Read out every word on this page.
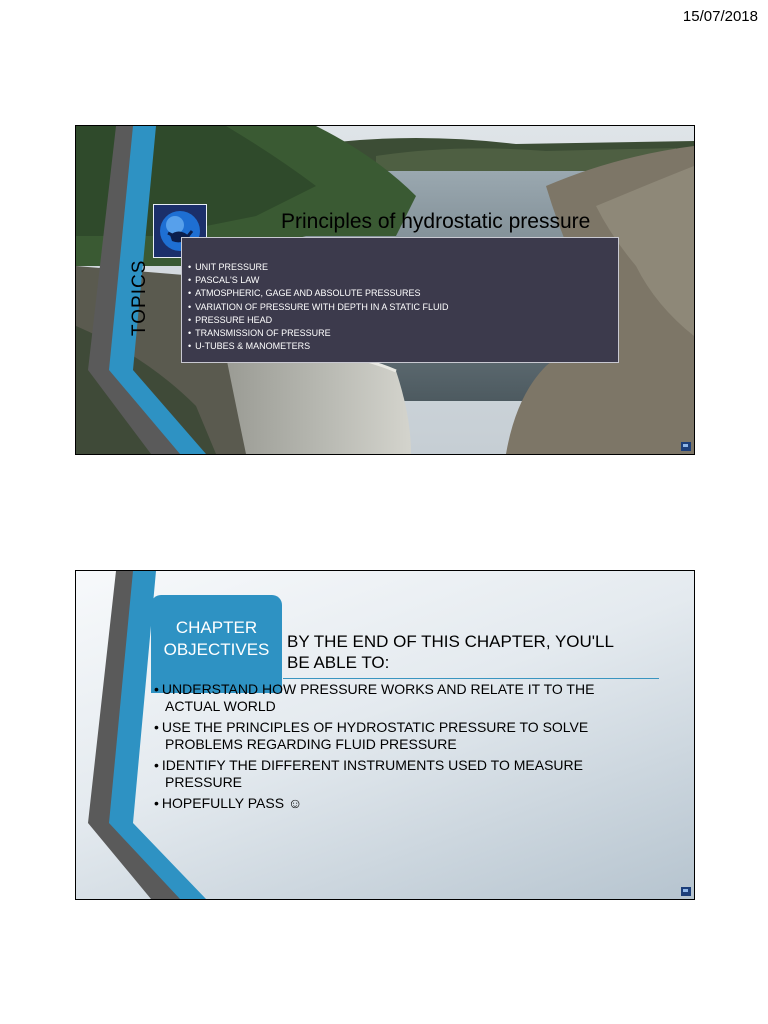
15/07/2018
Principles of hydrostatic pressure
TOPICS
•	UNIT PRESSURE
• PASCAL'S LAW
• ATMOSPHERIC, GAGE AND ABSOLUTE PRESSURES
• VARIATION OF PRESSURE WITH DEPTH IN A STATIC FLUID
• PRESSURE HEAD
• TRANSMISSION OF PRESSURE
• U-TUBES & MANOMETERS
CHAPTER
OBJECTIVES	BY THE END OF THIS CHAPTER, YOU'LL
BE ABLE TO:
• UNDERSTAND HOW PRESSURE WORKS AND RELATE IT TO THE ACTUAL WORLD
• USE THE PRINCIPLES OF HYDROSTATIC PRESSURE TO SOLVE PROBLEMS REGARDING FLUID PRESSURE
• IDENTIFY THE DIFFERENT INSTRUMENTS USED TO MEASURE PRESSURE
• HOPEFULLY PASS ☺
